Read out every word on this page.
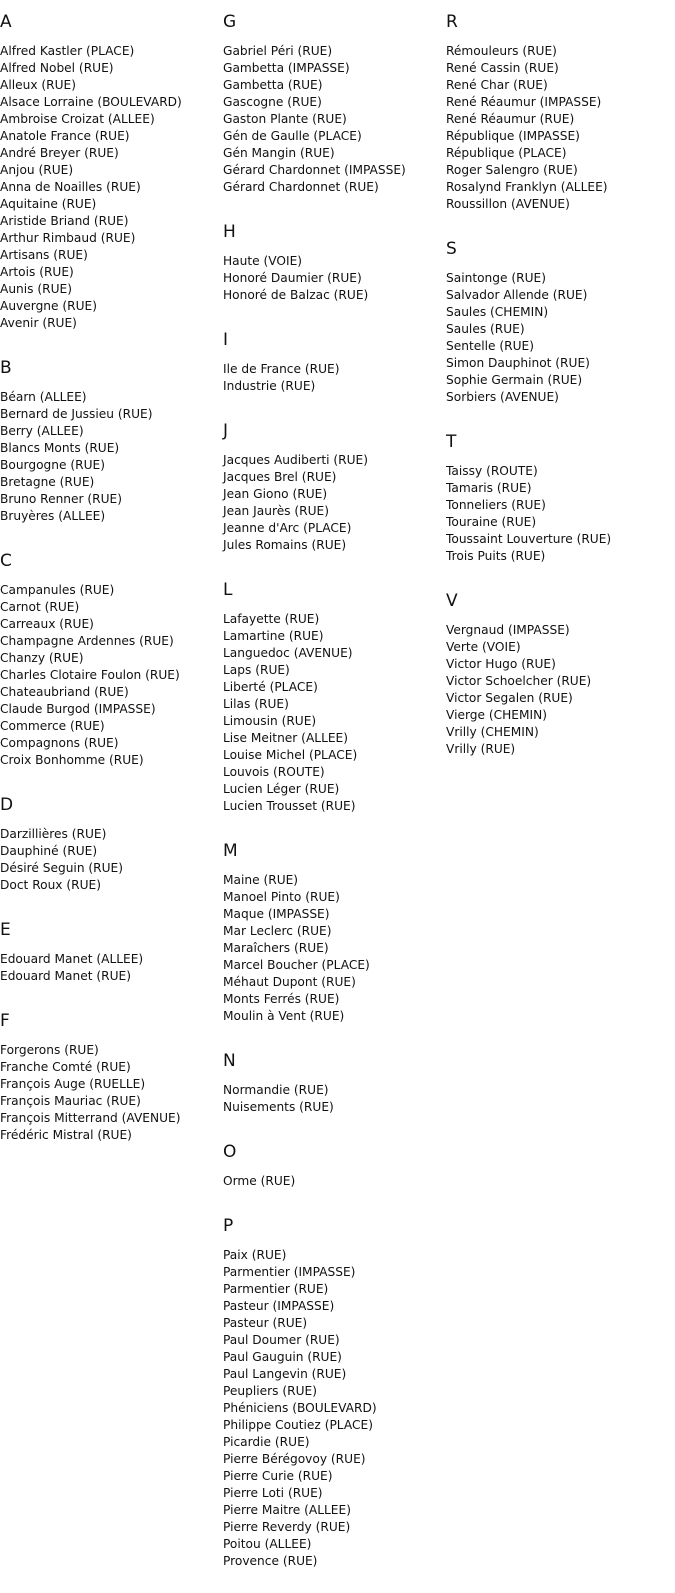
A
Alfred Kastler (PLACE)
Alfred Nobel (RUE)
Alleux (RUE)
Alsace Lorraine (BOULEVARD)
Ambroise Croizat (ALLEE)
Anatole France (RUE)
André Breyer (RUE)
Anjou (RUE)
Anna de Noailles (RUE)
Aquitaine (RUE)
Aristide Briand (RUE)
Arthur Rimbaud (RUE)
Artisans (RUE)
Artois (RUE)
Aunis (RUE)
Auvergne (RUE)
Avenir (RUE)
B
Béarn (ALLEE)
Bernard de Jussieu (RUE)
Berry (ALLEE)
Blancs Monts (RUE)
Bourgogne (RUE)
Bretagne (RUE)
Bruno Renner (RUE)
Bruyères (ALLEE)
C
Campanules (RUE)
Carnot (RUE)
Carreaux (RUE)
Champagne Ardennes (RUE)
Chanzy (RUE)
Charles Clotaire Foulon (RUE)
Chateaubriand (RUE)
Claude Burgod (IMPASSE)
Commerce (RUE)
Compagnons (RUE)
Croix Bonhomme (RUE)
D
Darzillières (RUE)
Dauphiné (RUE)
Désiré Seguin (RUE)
Doct Roux (RUE)
E
Edouard Manet (ALLEE)
Edouard Manet (RUE)
F
Forgerons (RUE)
Franche Comté (RUE)
François Auge (RUELLE)
François Mauriac (RUE)
François Mitterrand (AVENUE)
Frédéric Mistral (RUE)
G
Gabriel Péri (RUE)
Gambetta (IMPASSE)
Gambetta (RUE)
Gascogne (RUE)
Gaston Plante (RUE)
Gén de Gaulle (PLACE)
Gén Mangin (RUE)
Gérard Chardonnet (IMPASSE)
Gérard Chardonnet (RUE)
H
Haute (VOIE)
Honoré Daumier (RUE)
Honoré de Balzac (RUE)
I
Ile de France (RUE)
Industrie (RUE)
J
Jacques Audiberti (RUE)
Jacques Brel (RUE)
Jean Giono (RUE)
Jean Jaurès (RUE)
Jeanne d'Arc (PLACE)
Jules Romains (RUE)
L
Lafayette (RUE)
Lamartine (RUE)
Languedoc (AVENUE)
Laps (RUE)
Liberté (PLACE)
Lilas (RUE)
Limousin (RUE)
Lise Meitner (ALLEE)
Louise Michel (PLACE)
Louvois (ROUTE)
Lucien Léger (RUE)
Lucien Trousset (RUE)
M
Maine (RUE)
Manoel Pinto (RUE)
Maque (IMPASSE)
Mar Leclerc (RUE)
Maraîchers (RUE)
Marcel Boucher (PLACE)
Méhaut Dupont (RUE)
Monts Ferrés (RUE)
Moulin à Vent (RUE)
N
Normandie (RUE)
Nuisements (RUE)
O
Orme (RUE)
P
Paix (RUE)
Parmentier (IMPASSE)
Parmentier (RUE)
Pasteur (IMPASSE)
Pasteur (RUE)
Paul Doumer (RUE)
Paul Gauguin (RUE)
Paul Langevin (RUE)
Peupliers (RUE)
Phéniciens (BOULEVARD)
Philippe Coutiez (PLACE)
Picardie (RUE)
Pierre Bérégovoy (RUE)
Pierre Curie (RUE)
Pierre Loti (RUE)
Pierre Maitre (ALLEE)
Pierre Reverdy (RUE)
Poitou (ALLEE)
Provence (RUE)
R
Rémouleurs (RUE)
René Cassin (RUE)
René Char (RUE)
René Réaumur (IMPASSE)
René Réaumur (RUE)
République (IMPASSE)
République (PLACE)
Roger Salengro (RUE)
Rosalynd Franklyn (ALLEE)
Roussillon (AVENUE)
S
Saintonge (RUE)
Salvador Allende (RUE)
Saules (CHEMIN)
Saules (RUE)
Sentelle (RUE)
Simon Dauphinot (RUE)
Sophie Germain (RUE)
Sorbiers (AVENUE)
T
Taissy (ROUTE)
Tamaris (RUE)
Tonneliers (RUE)
Touraine (RUE)
Toussaint Louverture (RUE)
Trois Puits (RUE)
V
Vergnaud (IMPASSE)
Verte (VOIE)
Victor Hugo (RUE)
Victor Schoelcher (RUE)
Victor Segalen (RUE)
Vierge (CHEMIN)
Vrilly (CHEMIN)
Vrilly (RUE)
